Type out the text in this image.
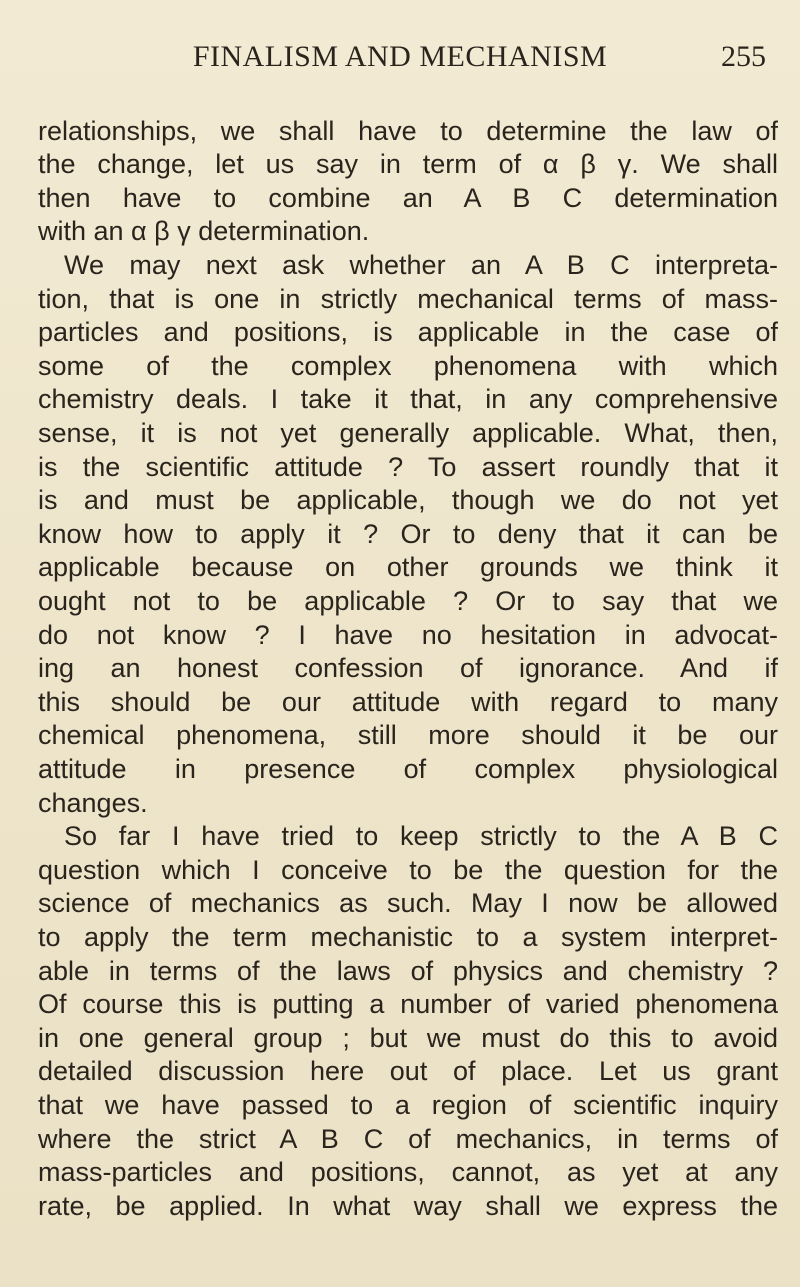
FINALISM AND MECHANISM	255
relationships, we shall have to determine the law of
the change, let us say in term of α β γ. We shall
then have to combine an A B C determination
with an α β γ determination.
We may next ask whether an A B C interpreta-
tion, that is one in strictly mechanical terms of mass-
particles and positions, is applicable in the case of
some of the complex phenomena with which
chemistry deals. I take it that, in any comprehensive
sense, it is not yet generally applicable. What, then,
is the scientific attitude ? To assert roundly that it
is and must be applicable, though we do not yet
know how to apply it ? Or to deny that it can be
applicable because on other grounds we think it
ought not to be applicable ? Or to say that we
do not know ? I have no hesitation in advocat-
ing an honest confession of ignorance. And if
this should be our attitude with regard to many
chemical phenomena, still more should it be our
attitude in presence of complex physiological
changes.
So far I have tried to keep strictly to the A B C
question which I conceive to be the question for the
science of mechanics as such. May I now be allowed
to apply the term mechanistic to a system interpret-
able in terms of the laws of physics and chemistry ?
Of course this is putting a number of varied phenomena
in one general group ; but we must do this to avoid
detailed discussion here out of place. Let us grant
that we have passed to a region of scientific inquiry
where the strict A B C of mechanics, in terms of
mass-particles and positions, cannot, as yet at any
rate, be applied. In what way shall we express the
